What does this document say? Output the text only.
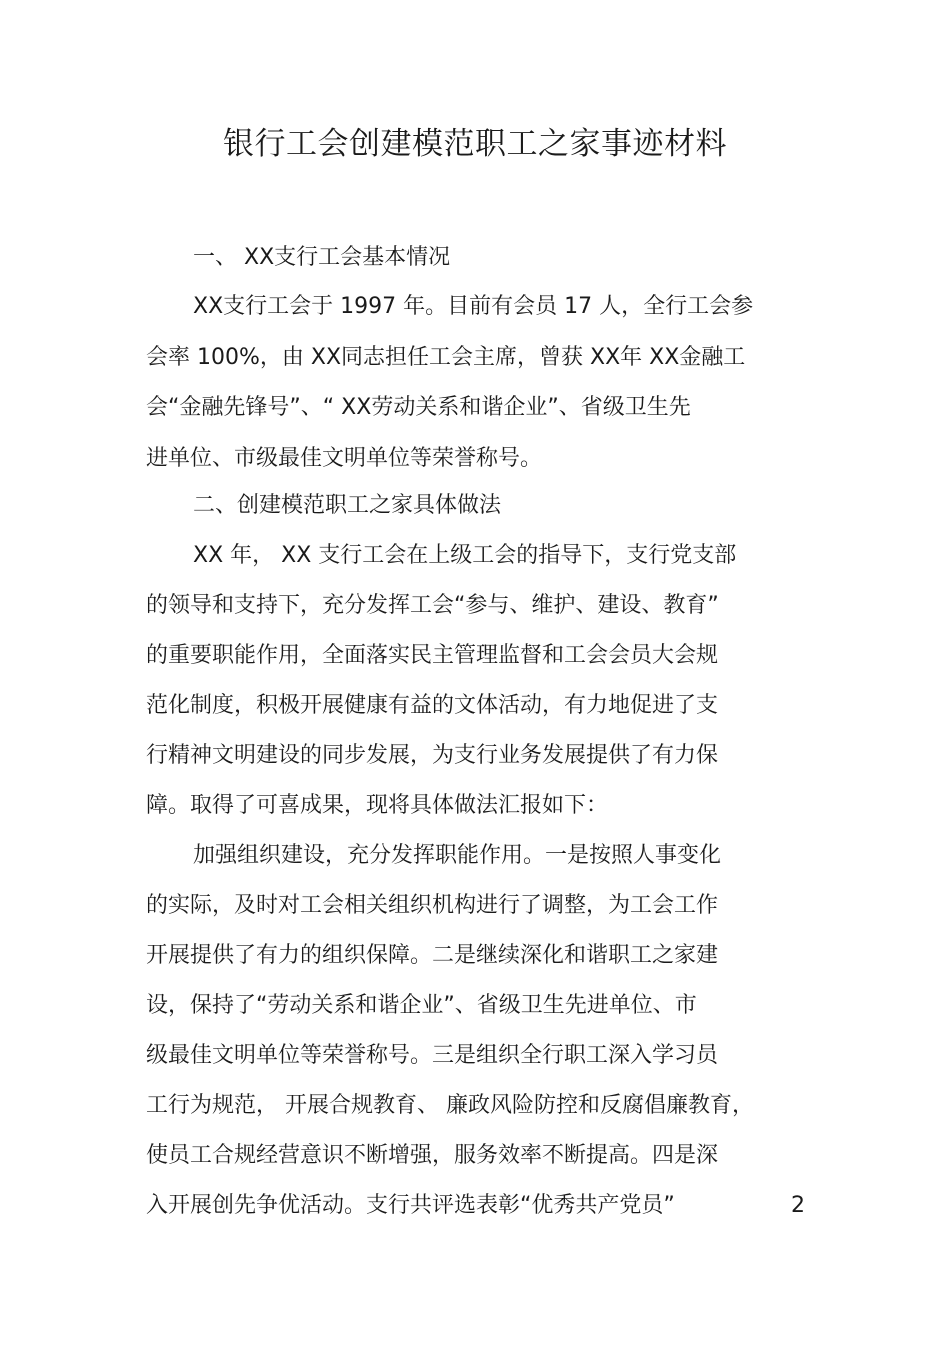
银行工会创建模范职工之家事迹材料
一、 XX支行工会基本情况
XX支行工会于 1997 年。目前有会员 17 人，全行工会参
会率 100%，由 XX同志担任工会主席，曾获 XX年 XX金融工
会“金融先锋号”、“ XX劳动关系和谐企业”、省级卫生先
进单位、市级最佳文明单位等荣誉称号。
二、创建模范职工之家具体做法
XX 年， XX 支行工会在上级工会的指导下，支行党支部
的领导和支持下，充分发挥工会“参与、维护、建设、教育”
的重要职能作用，全面落实民主管理监督和工会会员大会规
范化制度，积极开展健康有益的文体活动，有力地促进了支
行精神文明建设的同步发展，为支行业务发展提供了有力保
障。取得了可喜成果，现将具体做法汇报如下：
加强组织建设，充分发挥职能作用。一是按照人事变化
的实际，及时对工会相关组织机构进行了调整，为工会工作
开展提供了有力的组织保障。二是继续深化和谐职工之家建
设，保持了“劳动关系和谐企业”、省级卫生先进单位、市
级最佳文明单位等荣誉称号。三是组织全行职工深入学习员
工行为规范， 开展合规教育、 廉政风险防控和反腐倡廉教育，
使员工合规经营意识不断增强，服务效率不断提高。四是深
入开展创先争优活动。支行共评选表彰“优秀共产党员”	2
